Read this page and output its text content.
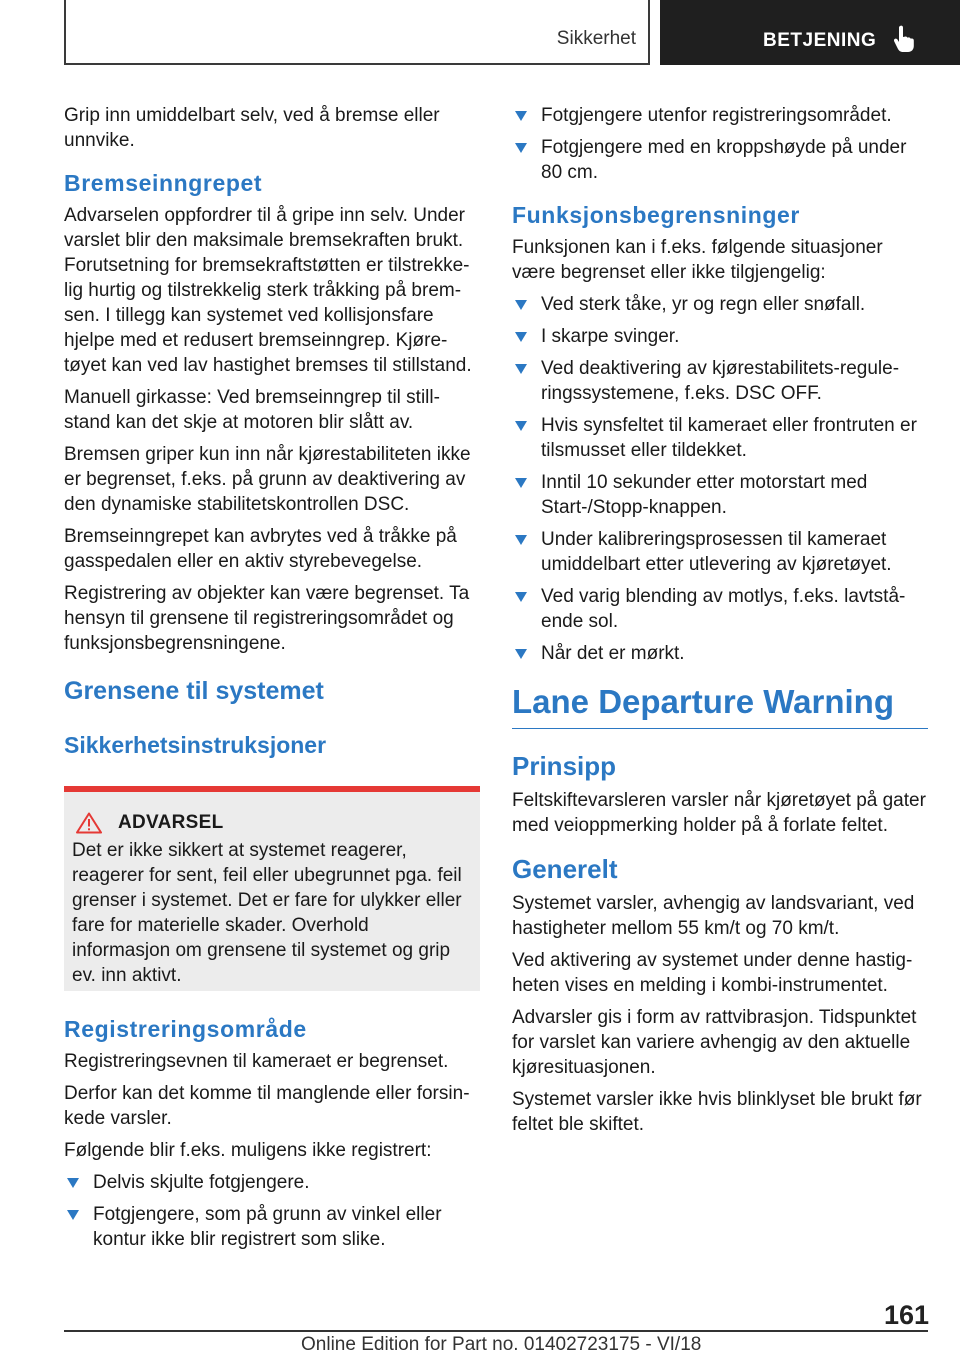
Sikkerhet	BETJENING

Grip inn umiddelbart selv, ved å bremse eller unnvike.

Bremseinngrepet

Advarselen oppfordrer til å gripe inn selv. Under varslet blir den maksimale bremsekraften brukt. Forutsetning for bremsekraftstøtten er tilstrekkelig hurtig og tilstrekkelig sterk tråkking på bremsen. I tillegg kan systemet ved kollisjonsfare hjelpe med et redusert bremseinngrep. Kjøretøyet kan ved lav hastighet bremses til stillstand.

Manuell girkasse: Ved bremseinngrep til stillstand kan det skje at motoren blir slått av.

Bremsen griper kun inn når kjørestabiliteten ikke er begrenset, f.eks. på grunn av deaktivering av den dynamiske stabilitetskontrollen DSC.

Bremseinngrepet kan avbrytes ved å tråkke på gasspedalen eller en aktiv styrebevegelse.

Registrering av objekter kan være begrenset. Ta hensyn til grensene til registreringsområdet og funksjonsbegrensningene.

Grensene til systemet
Sikkerhetsinstruksjoner
ADVARSEL

Det er ikke sikkert at systemet reagerer, reagerer for sent, feil eller ubegrunnet pga. feil grenser i systemet. Det er fare for ulykker eller fare for materielle skader. Overhold informasjon om grensene til systemet og grip ev. inn aktivt.

Registreringsområde

Registreringsevnen til kameraet er begrenset.

Derfor kan det komme til manglende eller forsinkede varsler.

Følgende blir f.eks. muligens ikke registrert:

Delvis skjulte fotgjengere.
Fotgjengere, som på grunn av vinkel eller kontur ikke blir registrert som slike.
Fotgjengere utenfor registreringsområdet.
Fotgjengere med en kroppshøyde på under 80 cm.
Funksjonsbegrensninger

Funksjonen kan i f.eks. følgende situasjoner være begrenset eller ikke tilgjengelig:

Ved sterk tåke, yr og regn eller snøfall.
I skarpe svinger.
Ved deaktivering av kjørestabilitets-reguleringssystemene, f.eks. DSC OFF.
Hvis synsfeltet til kameraet eller frontruten er tilsmusset eller tildekket.
Inntil 10 sekunder etter motorstart med Start-/Stopp-knappen.
Under kalibreringsprosessen til kameraet umiddelbart etter utlevering av kjøretøyet.
Ved varig blending av motlys, f.eks. lavtstående sol.
Når det er mørkt.
Lane Departure Warning
Prinsipp

Feltskiftevarsleren varsler når kjøretøyet på gater med veioppmerking holder på å forlate feltet.

Generelt

Systemet varsler, avhengig av landsvariant, ved hastigheter mellom 55 km/t og 70 km/t.

Ved aktivering av systemet under denne hastigheten vises en melding i kombi-instrumentet.

Advarsler gis i form av rattvibrasjon. Tidspunktet for varslet kan variere avhengig av den aktuelle kjøresituasjonen.

Systemet varsler ikke hvis blinklyset ble brukt før feltet ble skiftet.

161
Online Edition for Part no. 01402723175 - VI/18
